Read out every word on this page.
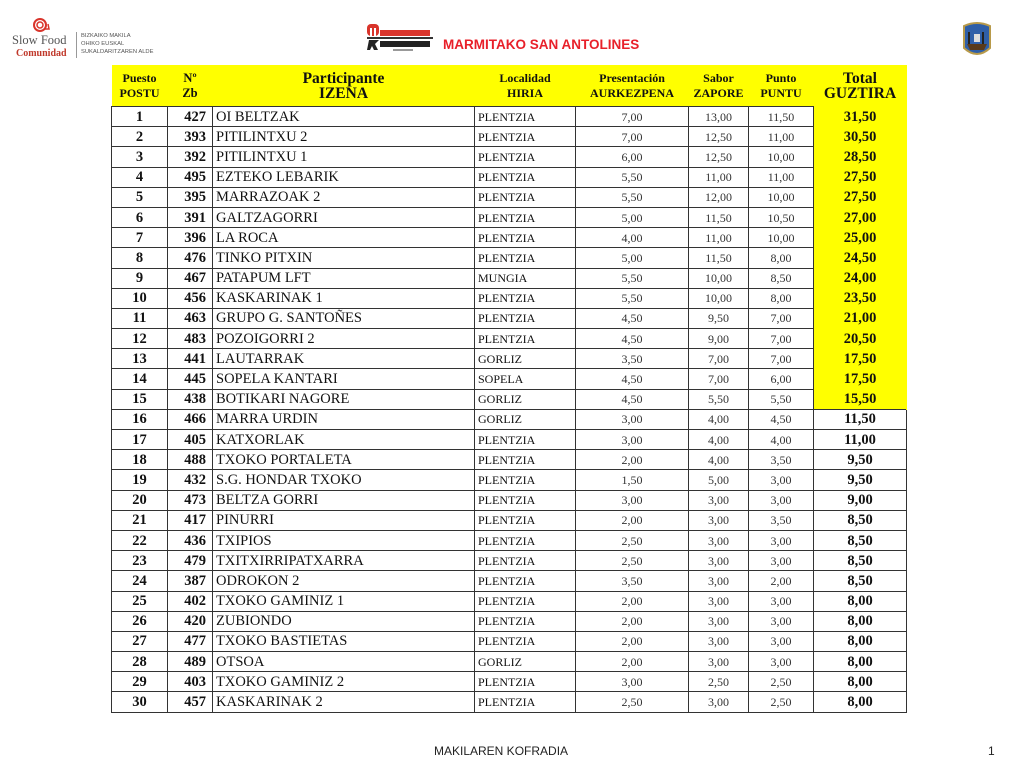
Slow Food
Comunidad
BIZKAIKO MAKILA
OHIKO EUSKAL
SUKALDARITZAREN ALDE	MARMITAKO SAN ANTOLINES
Puesto
POSTU	Nº
Zb	Participante
IZENA	Localidad
HIRIA	Presentación
AURKEZPENA	Sabor
ZAPORE	Punto
PUNTU	Total
GUZTIRA
1	427	OI BELTZAK	PLENTZIA	7,00	13,00	11,50	31,50
2	393	PITILINTXU 2	PLENTZIA	7,00	12,50	11,00	30,50
3	392	PITILINTXU 1	PLENTZIA	6,00	12,50	10,00	28,50
4	495	EZTEKO LEBARIK	PLENTZIA	5,50	11,00	11,00	27,50
5	395	MARRAZOAK 2	PLENTZIA	5,50	12,00	10,00	27,50
6	391	GALTZAGORRI	PLENTZIA	5,00	11,50	10,50	27,00
7	396	LA ROCA	PLENTZIA	4,00	11,00	10,00	25,00
8	476	TINKO PITXIN	PLENTZIA	5,00	11,50	8,00	24,50
9	467	PATAPUM LFT	MUNGIA	5,50	10,00	8,50	24,00
10	456	KASKARINAK 1	PLENTZIA	5,50	10,00	8,00	23,50
11	463	GRUPO G. SANTOÑES	PLENTZIA	4,50	9,50	7,00	21,00
12	483	POZOIGORRI 2	PLENTZIA	4,50	9,00	7,00	20,50
13	441	LAUTARRAK	GORLIZ	3,50	7,00	7,00	17,50
14	445	SOPELA KANTARI	SOPELA	4,50	7,00	6,00	17,50
15	438	BOTIKARI NAGORE	GORLIZ	4,50	5,50	5,50	15,50
16	466	MARRA URDIN	GORLIZ	3,00	4,00	4,50	11,50
17	405	KATXORLAK	PLENTZIA	3,00	4,00	4,00	11,00
18	488	TXOKO PORTALETA	PLENTZIA	2,00	4,00	3,50	9,50
19	432	S.G. HONDAR TXOKO	PLENTZIA	1,50	5,00	3,00	9,50
20	473	BELTZA GORRI	PLENTZIA	3,00	3,00	3,00	9,00
21	417	PINURRI	PLENTZIA	2,00	3,00	3,50	8,50
22	436	TXIPIOS	PLENTZIA	2,50	3,00	3,00	8,50
23	479	TXITXIRRIPATXARRA	PLENTZIA	2,50	3,00	3,00	8,50
24	387	ODROKON 2	PLENTZIA	3,50	3,00	2,00	8,50
25	402	TXOKO GAMINIZ 1	PLENTZIA	2,00	3,00	3,00	8,00
26	420	ZUBIONDO	PLENTZIA	2,00	3,00	3,00	8,00
27	477	TXOKO BASTIETAS	PLENTZIA	2,00	3,00	3,00	8,00
28	489	OTSOA	GORLIZ	2,00	3,00	3,00	8,00
29	403	TXOKO GAMINIZ 2	PLENTZIA	3,00	2,50	2,50	8,00
30	457	KASKARINAK 2	PLENTZIA	2,50	3,00	2,50	8,00
MAKILAREN KOFRADIA	1
